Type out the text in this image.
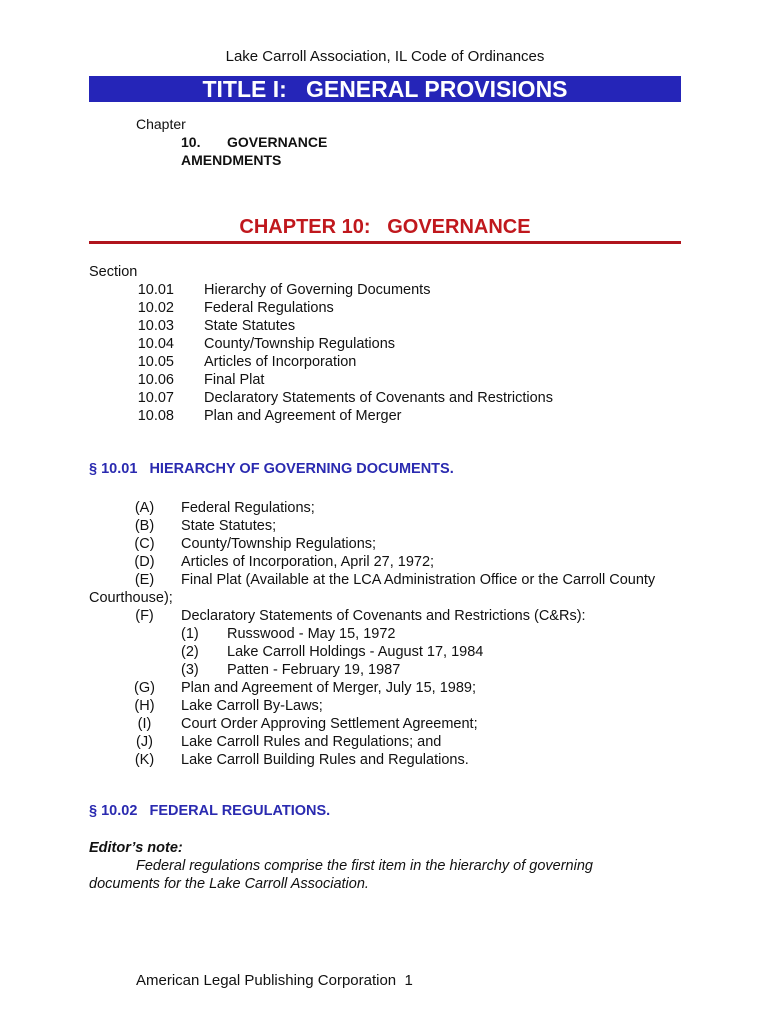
Lake Carroll Association, IL Code of Ordinances
TITLE I:   GENERAL PROVISIONS
Chapter
10. GOVERNANCE
AMENDMENTS
CHAPTER 10:   GOVERNANCE
Section
10.01 Hierarchy of Governing Documents
10.02 Federal Regulations
10.03 State Statutes
10.04 County/Township Regulations
10.05 Articles of Incorporation
10.06 Final Plat
10.07 Declaratory Statements of Covenants and Restrictions
10.08 Plan and Agreement of Merger
§ 10.01   HIERARCHY OF GOVERNING DOCUMENTS.
(A) Federal Regulations;
(B) State Statutes;
(C) County/Township Regulations;
(D) Articles of Incorporation, April 27, 1972;
(E) Final Plat (Available at the LCA Administration Office or the Carroll County
Courthouse);
(F) Declaratory Statements of Covenants and Restrictions (C&Rs):
(1) Russwood - May 15, 1972
(2) Lake Carroll Holdings - August 17, 1984
(3) Patten - February 19, 1987
(G) Plan and Agreement of Merger, July 15, 1989;
(H) Lake Carroll By-Laws;
(I) Court Order Approving Settlement Agreement;
(J) Lake Carroll Rules and Regulations; and
(K) Lake Carroll Building Rules and Regulations.
§ 10.02   FEDERAL REGULATIONS.
Editor’s note:
Federal regulations comprise the first item in the hierarchy of governing
documents for the Lake Carroll Association.
American Legal Publishing Corporation  1
